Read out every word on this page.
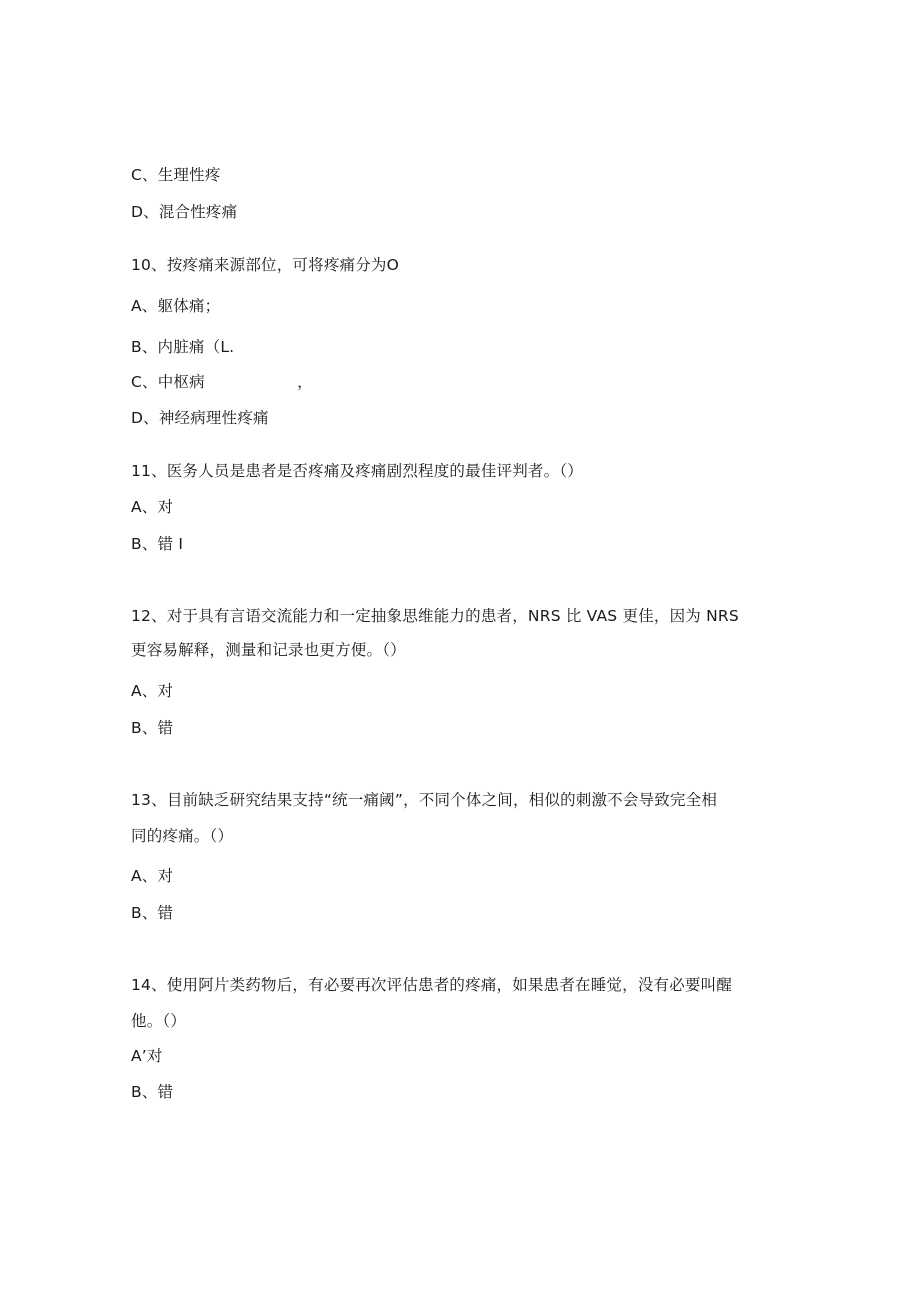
C、生理性疼
D、混合性疼痛
10、按疼痛来源部位，可将疼痛分为O
A、躯体痛；
B、内脏痛（L.
C、中枢病                  ，
D、神经病理性疼痛
11、医务人员是患者是否疼痛及疼痛剧烈程度的最佳评判者。（）
A、对
B、错 I
12、对于具有言语交流能力和一定抽象思维能力的患者，NRS 比 VAS 更佳，因为 NRS
更容易解释，测量和记录也更方便。（）
A、对
B、错
13、目前缺乏研究结果支持“统一痛阈”，不同个体之间，相似的刺激不会导致完全相
同的疼痛。（）
A、对
B、错
14、使用阿片类药物后，有必要再次评估患者的疼痛，如果患者在睡觉，没有必要叫醒
他。（）
A’对
B、错
